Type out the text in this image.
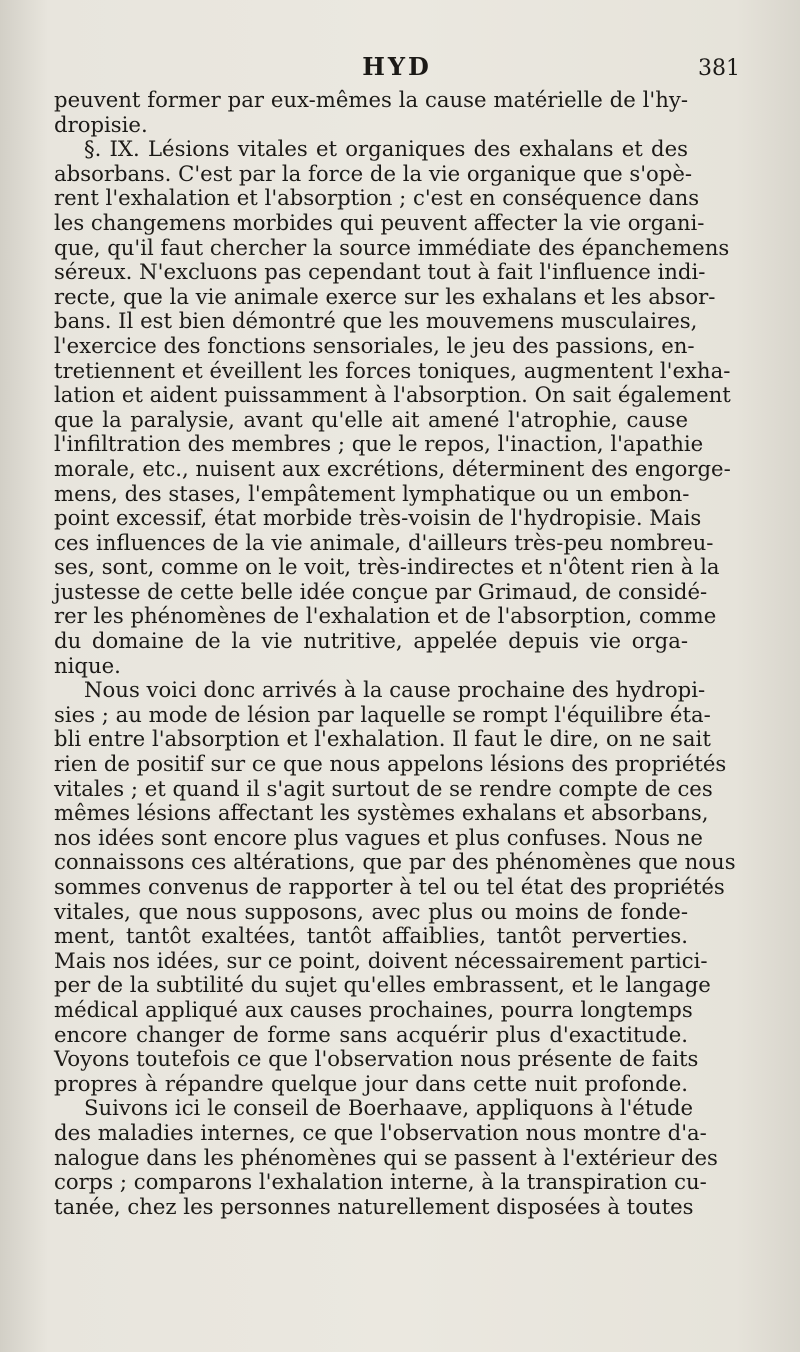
HYD	381

peuvent former par eux-mêmes la cause matérielle de l'hy-
dropisie.

§. IX. Lésions vitales et organiques des exhalans et des
absorbans. C'est par la force de la vie organique que s'opè-
rent l'exhalation et l'absorption ; c'est en conséquence dans
les changemens morbides qui peuvent affecter la vie organi-
que, qu'il faut chercher la source immédiate des épanchemens
séreux. N'excluons pas cependant tout à fait l'influence indi-
recte, que la vie animale exerce sur les exhalans et les absor-
bans. Il est bien démontré que les mouvemens musculaires,
l'exercice des fonctions sensoriales, le jeu des passions, en-
tretiennent et éveillent les forces toniques, augmentent l'exha-
lation et aident puissamment à l'absorption. On sait également
que la paralysie, avant qu'elle ait amené l'atrophie, cause
l'infiltration des membres ; que le repos, l'inaction, l'apathie
morale, etc., nuisent aux excrétions, déterminent des engorge-
mens, des stases, l'empâtement lymphatique ou un embon-
point excessif, état morbide très-voisin de l'hydropisie. Mais
ces influences de la vie animale, d'ailleurs très-peu nombreu-
ses, sont, comme on le voit, très-indirectes et n'ôtent rien à la
justesse de cette belle idée conçue par Grimaud, de considé-
rer les phénomènes de l'exhalation et de l'absorption, comme
du domaine de la vie nutritive, appelée depuis vie orga-
nique.

Nous voici donc arrivés à la cause prochaine des hydropi-
sies ; au mode de lésion par laquelle se rompt l'équilibre éta-
bli entre l'absorption et l'exhalation. Il faut le dire, on ne sait
rien de positif sur ce que nous appelons lésions des propriétés
vitales ; et quand il s'agit surtout de se rendre compte de ces
mêmes lésions affectant les systèmes exhalans et absorbans,
nos idées sont encore plus vagues et plus confuses. Nous ne
connaissons ces altérations, que par des phénomènes que nous
sommes convenus de rapporter à tel ou tel état des propriétés
vitales, que nous supposons, avec plus ou moins de fonde-
ment, tantôt exaltées, tantôt affaiblies, tantôt perverties.
Mais nos idées, sur ce point, doivent nécessairement partici-
per de la subtilité du sujet qu'elles embrassent, et le langage
médical appliqué aux causes prochaines, pourra longtemps
encore changer de forme sans acquérir plus d'exactitude.
Voyons toutefois ce que l'observation nous présente de faits
propres à répandre quelque jour dans cette nuit profonde.

Suivons ici le conseil de Boerhaave, appliquons à l'étude
des maladies internes, ce que l'observation nous montre d'a-
nalogue dans les phénomènes qui se passent à l'extérieur des
corps ; comparons l'exhalation interne, à la transpiration cu-
tanée, chez les personnes naturellement disposées à toutes
